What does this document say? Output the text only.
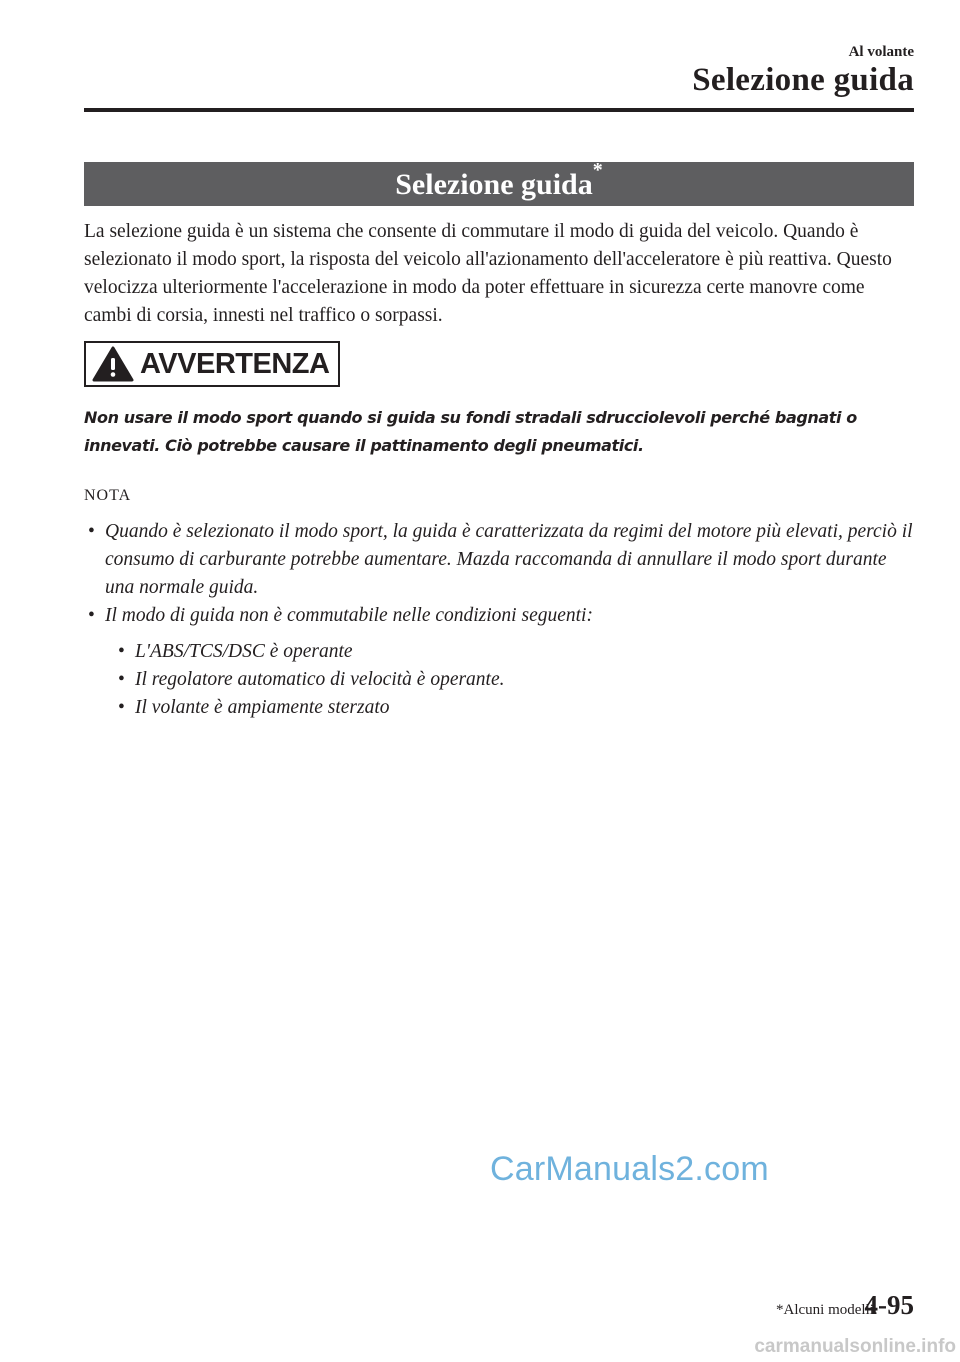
Al volante
Selezione guida
Selezione guida*

La selezione guida è un sistema che consente di commutare il modo di guida del veicolo. Quando è selezionato il modo sport, la risposta del veicolo all'azionamento dell'acceleratore è più reattiva. Questo velocizza ulteriormente l'accelerazione in modo da poter effettuare in sicurezza certe manovre come cambi di corsia, innesti nel traffico o sorpassi.

AVVERTENZA

Non usare il modo sport quando si guida su fondi stradali sdrucciolevoli perché bagnati o innevati. Ciò potrebbe causare il pattinamento degli pneumatici.

NOTA
• Quando è selezionato il modo sport, la guida è caratterizzata da regimi del motore più elevati, perciò il consumo di carburante potrebbe aumentare. Mazda raccomanda di annullare il modo sport durante una normale guida.
• Il modo di guida non è commutabile nelle condizioni seguenti:
• L'ABS/TCS/DSC è operante
• Il regolatore automatico di velocità è operante.
• Il volante è ampiamente sterzato
CarManuals2.com
*Alcuni modelli.
4-95
carmanualsonline.info
